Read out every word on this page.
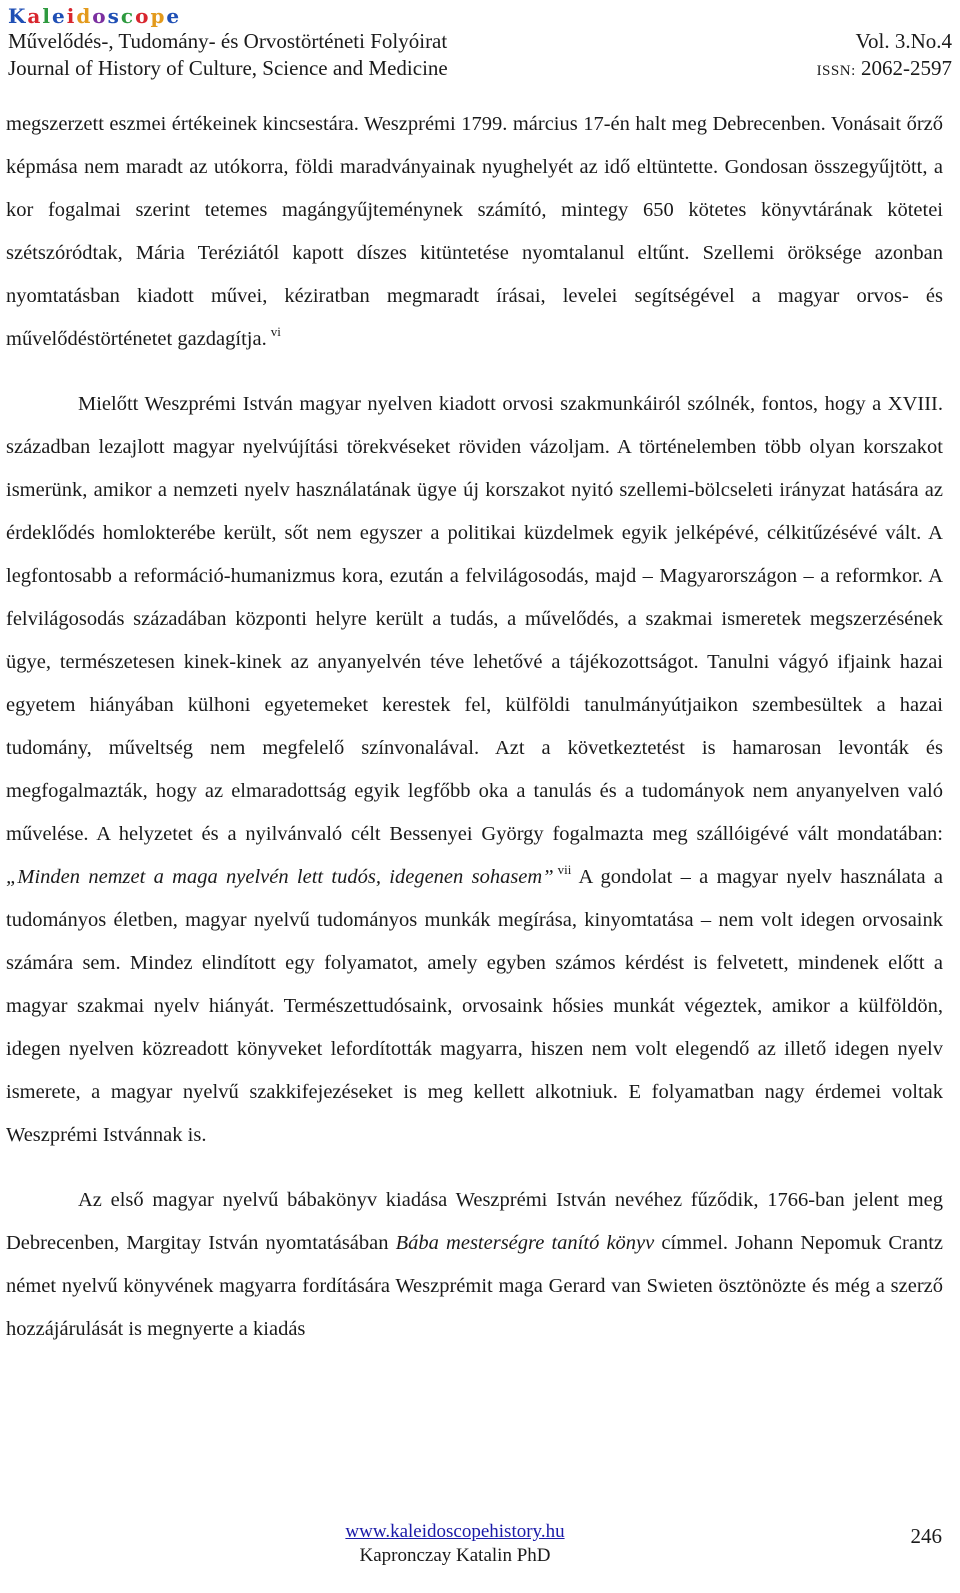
Kaleidoscope
Művelődés-, Tudomány- és Orvostörténeti Folyóirat	Vol. 3.No.4
Journal of History of Culture, Science and Medicine	ISSN: 2062-2597

megszerzett eszmei értékeinek kincsestára. Weszprémi 1799. március 17-én halt meg Debrecenben. Vonásait őrző képmása nem maradt az utókorra, földi maradványainak nyughelyét az idő eltüntette. Gondosan összegyűjtött, a kor fogalmai szerint tetemes magángyűjteménynek számító, mintegy 650 kötetes könyvtárának kötetei szétszóródtak, Mária Teréziától kapott díszes kitüntetése nyomtalanul eltűnt. Szellemi öröksége azonban nyomtatásban kiadott művei, kéziratban megmaradt írásai, levelei segítségével a magyar orvos- és művelődéstörténetet gazdagítja. $^{vi}$

Mielőtt Weszprémi István magyar nyelven kiadott orvosi szakmunkáiról szólnék, fontos, hogy a XVIII. században lezajlott magyar nyelvújítási törekvéseket röviden vázoljam. A történelemben több olyan korszakot ismerünk, amikor a nemzeti nyelv használatának ügye új korszakot nyitó szellemi-bölcseleti irányzat hatására az érdeklődés homlokterébe került, sőt nem egyszer a politikai küzdelmek egyik jelképévé, célkitűzésévé vált. A legfontosabb a reformáció-humanizmus kora, ezután a felvilágosodás, majd – Magyarországon – a reformkor. A felvilágosodás századában központi helyre került a tudás, a művelődés, a szakmai ismeretek megszerzésének ügye, természetesen kinek-kinek az anyanyelvén téve lehetővé a tájékozottságot. Tanulni vágyó ifjaink hazai egyetem hiányában külhoni egyetemeket kerestek fel, külföldi tanulmányútjaikon szembesültek a hazai tudomány, műveltség nem megfelelő színvonalával. Azt a következtetést is hamarosan levonták és megfogalmazták, hogy az elmaradottság egyik legfőbb oka a tanulás és a tudományok nem anyanyelven való művelése. A helyzetet és a nyilvánvaló célt Bessenyei György fogalmazta meg szállóigévé vált mondatában: „Minden nemzet a maga nyelvén lett tudós, idegenen sohasem” $^{vii}$ A gondolat – a magyar nyelv használata a tudományos életben, magyar nyelvű tudományos munkák megírása, kinyomtatása – nem volt idegen orvosaink számára sem. Mindez elindított egy folyamatot, amely egyben számos kérdést is felvetett, mindenek előtt a magyar szakmai nyelv hiányát. Természettudósaink, orvosaink hősies munkát végeztek, amikor a külföldön, idegen nyelven közreadott könyveket lefordították magyarra, hiszen nem volt elegendő az illető idegen nyelv ismerete, a magyar nyelvű szakkifejezéseket is meg kellett alkotniuk. E folyamatban nagy érdemei voltak Weszprémi Istvánnak is.

Az első magyar nyelvű bábakönyv kiadása Weszprémi István nevéhez fűződik, 1766-ban jelent meg Debrecenben, Margitay István nyomtatásában Bába mesterségre tanító könyv címmel. Johann Nepomuk Crantz német nyelvű könyvének magyarra fordítására Weszprémit maga Gerard van Swieten ösztönözte és még a szerző hozzájárulását is megnyerte a kiadás

www.kaleidoscopehistory.hu
Kapronczay Katalin PhD
246
